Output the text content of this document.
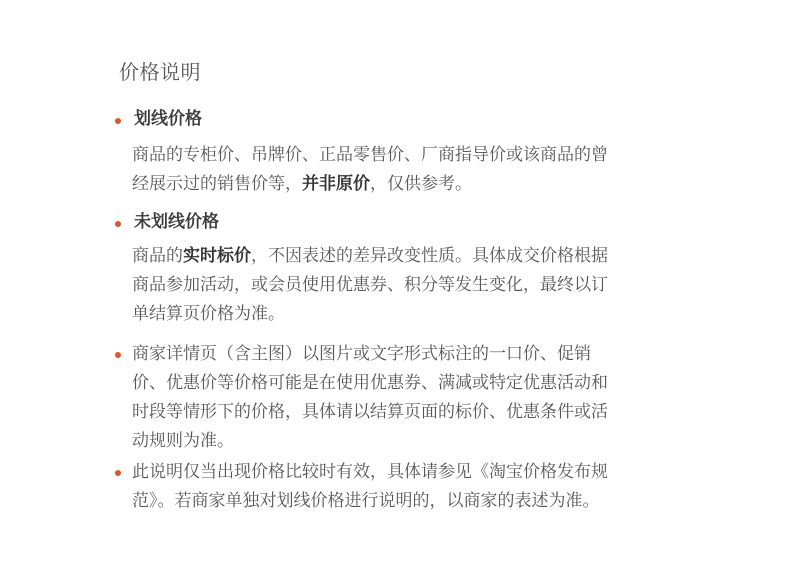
价格说明
划线价格
商品的专柜价、吊牌价、正品零售价、厂商指导价或该商品的曾
经展示过的销售价等，并非原价，仅供参考。
未划线价格
商品的实时标价，不因表述的差异改变性质。具体成交价格根据
商品参加活动，或会员使用优惠券、积分等发生变化，最终以订
单结算页价格为准。
商家详情页（含主图）以图片或文字形式标注的一口价、促销
价、优惠价等价格可能是在使用优惠券、满减或特定优惠活动和
时段等情形下的价格，具体请以结算页面的标价、优惠条件或活
动规则为准。
此说明仅当出现价格比较时有效，具体请参见《淘宝价格发布规
范》。若商家单独对划线价格进行说明的，以商家的表述为准。
